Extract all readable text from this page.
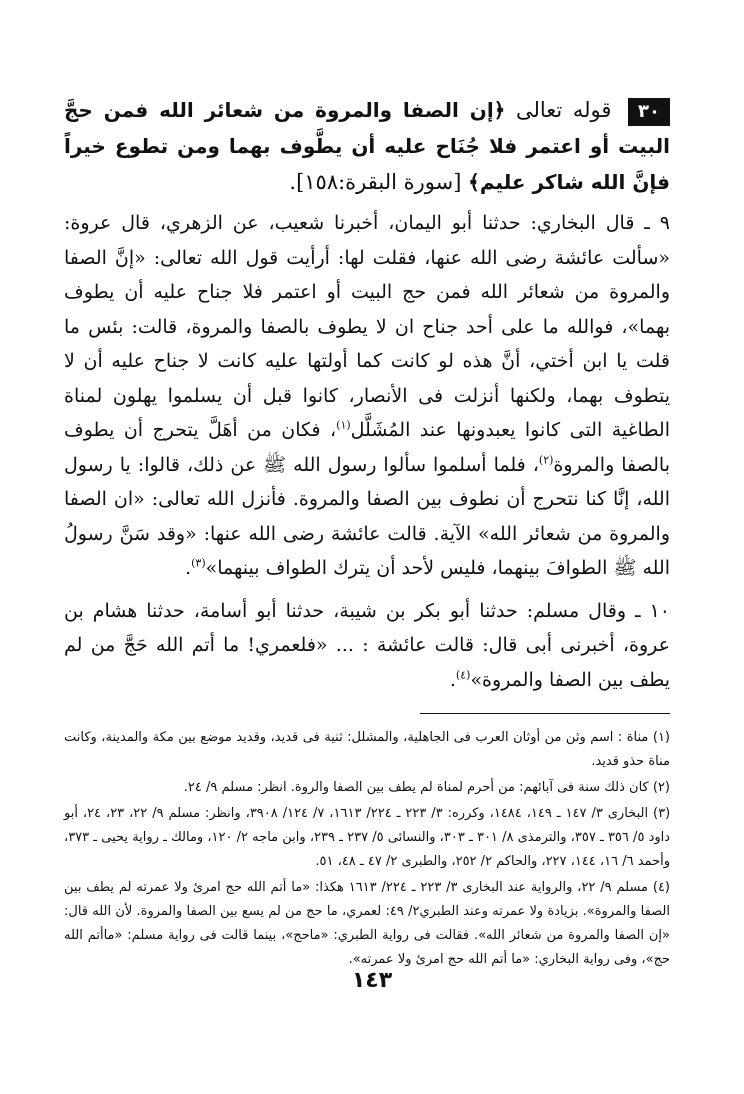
٣٠ قوله تعالى ﴿إن الصفا والمروة من شعائر الله فمن حجَّ البيت أو اعتمر فلا جُنَاح عليه أن يطَّوف بهما ومن تطوع خيراً فإنَّ الله شاكر عليم﴾ [سورة البقرة:١٥٨].

٩ ـ قال البخاري: حدثنا أبو اليمان، أخبرنا شعيب، عن الزهري، قال عروة: «سألت عائشة رضى الله عنها، فقلت لها: أرأيت قول الله تعالى: «إنَّ الصفا والمروة من شعائر الله فمن حج البيت أو اعتمر فلا جناح عليه أن يطوف بهما»، فوالله ما على أحد جناح ان لا يطوف بالصفا والمروة، قالت: بئس ما قلت يا ابن أختي، أنَّ هذه لو كانت كما أولتها عليه كانت لا جناح عليه أن لا يتطوف بهما، ولكنها أنزلت فى الأنصار، كانوا قبل أن يسلموا يهلون لمناة الطاغية التى كانوا يعبدونها عند المُشَلَّل$^{(١)}$، فكان من أهَلَّ يتحرج أن يطوف بالصفا والمروة$^{(٢)}$، فلما أسلموا سألوا رسول الله ﷺ عن ذلك، قالوا: يا رسول الله، إنَّا كنا نتحرج أن نطوف بين الصفا والمروة. فأنزل الله تعالى: «ان الصفا والمروة من شعائر الله» الآية. قالت عائشة رضى الله عنها: «وقد سَنَّ رسولُ الله ﷺ الطوافَ بينهما، فليس لأحد أن يترك الطواف بينهما»$^{(٣)}$.

١٠ ـ وقال مسلم: حدثنا أبو بكر بن شيبة، حدثنا أبو أسامة، حدثنا هشام بن عروة، أخبرنى أبى قال: قالت عائشة : ... «فلعمري! ما أتم الله حَجَّ من لم يطف بين الصفا والمروة»$^{(٤)}$.

(١) مناة : اسم وثن من أوثان العرب فى الجاهلية، والمشلل: ثنية فى قديد، وقديد موضع بين مكة والمدينة، وكانت مناة حذو قديد.

(٢) كان ذلك سنة فى آبائهم: من أحرم لمناة لم يطف بين الصفا والروة. انظر: مسلم ٩/ ٢٤.

(٣) البخارى ٣/ ١٤٧ ـ ١٤٩، ١٤٨٤، وكرره: ٣/ ٢٢٣ ـ ٢٢٤/ ١٦١٣، ٧/ ١٢٤/ ٣٩٠٨، وانظر: مسلم ٩/ ٢٢، ٢٣، ٢٤، أبو داود ٥/ ٣٥٦ ـ ٣٥٧، والترمذى ٨/ ٣٠١ ـ ٣٠٣، والنسائى ٥/ ٢٣٧ ـ ٢٣٩، وابن ماجه ٢/ ١٢٠، ومالك ـ رواية يحيى ـ ٣٧٣، وأحمد ٦/ ١٦، ١٤٤، ٢٢٧، والحاكم ٢/ ٢٥٢، والطبرى ٢/ ٤٧ ـ ٤٨، ٥١.

(٤) مسلم ٩/ ٢٢، والرواية عند البخارى ٣/ ٢٢٣ ـ ٢٢٤/ ١٦١٣ هكذا: «ما أتم الله حج امرئ ولا عمرته لم يطف بين الصفا والمروة». بزيادة ولا عمرته وعند الطبري٢/ ٤٩: لعمري، ما حج من لم يسع بين الصفا والمروة. لأن الله قال: «إن الصفا والمروة من شعائر الله». فقالت فى رواية الطبري: «ماحج»، بينما قالت فى رواية مسلم: «ماأتم الله حج»، وفى رواية البخاري: «ما أتم الله حج امرئ ولا عمرته».

١٤٣
